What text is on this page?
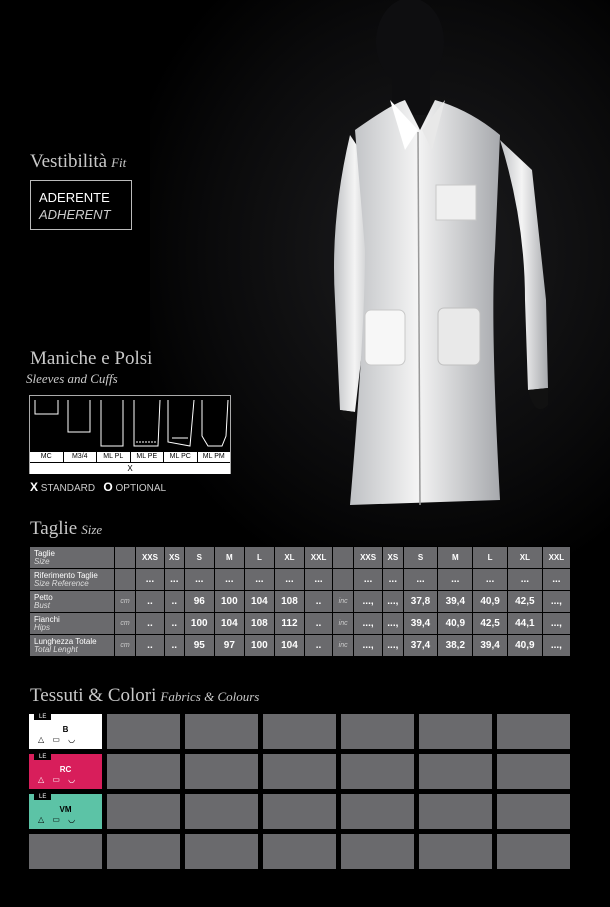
Vestibilità Fit
ADERENTE
ADHERENT
Maniche e Polsi
Sleeves and Cuffs
MC	M3/4	ML PL	ML PE	ML PC	ML PM
X
X STANDARD O OPTIONAL
Taglie Size
Taglie
Size		XXS	XS	S	M	L	XL	XXL		XXS	XS	S	M	L	XL	XXL
Riferimento Taglie
Size Reference		...	...	...	...	...	...	...		...	...	...	...	...	...	...
Petto
Bust	cm	..	..	96	100	104	108	..	inc	...,	...,	37,8	39,4	40,9	42,5	...,
Fianchi
Hips	cm	..	..	100	104	108	112	..	inc	...,	...,	39,4	40,9	42,5	44,1	...,
Lunghezza Totale
Total Lenght	cm	..	..	95	97	100	104	..	inc	...,	...,	37,4	38,2	39,4	40,9	...,
Tessuti & Colori Fabrics & Colours
LE
B
△ ▭ ◡
LE
RC
△ ▭ ◡
LE
VM
△ ▭ ◡
